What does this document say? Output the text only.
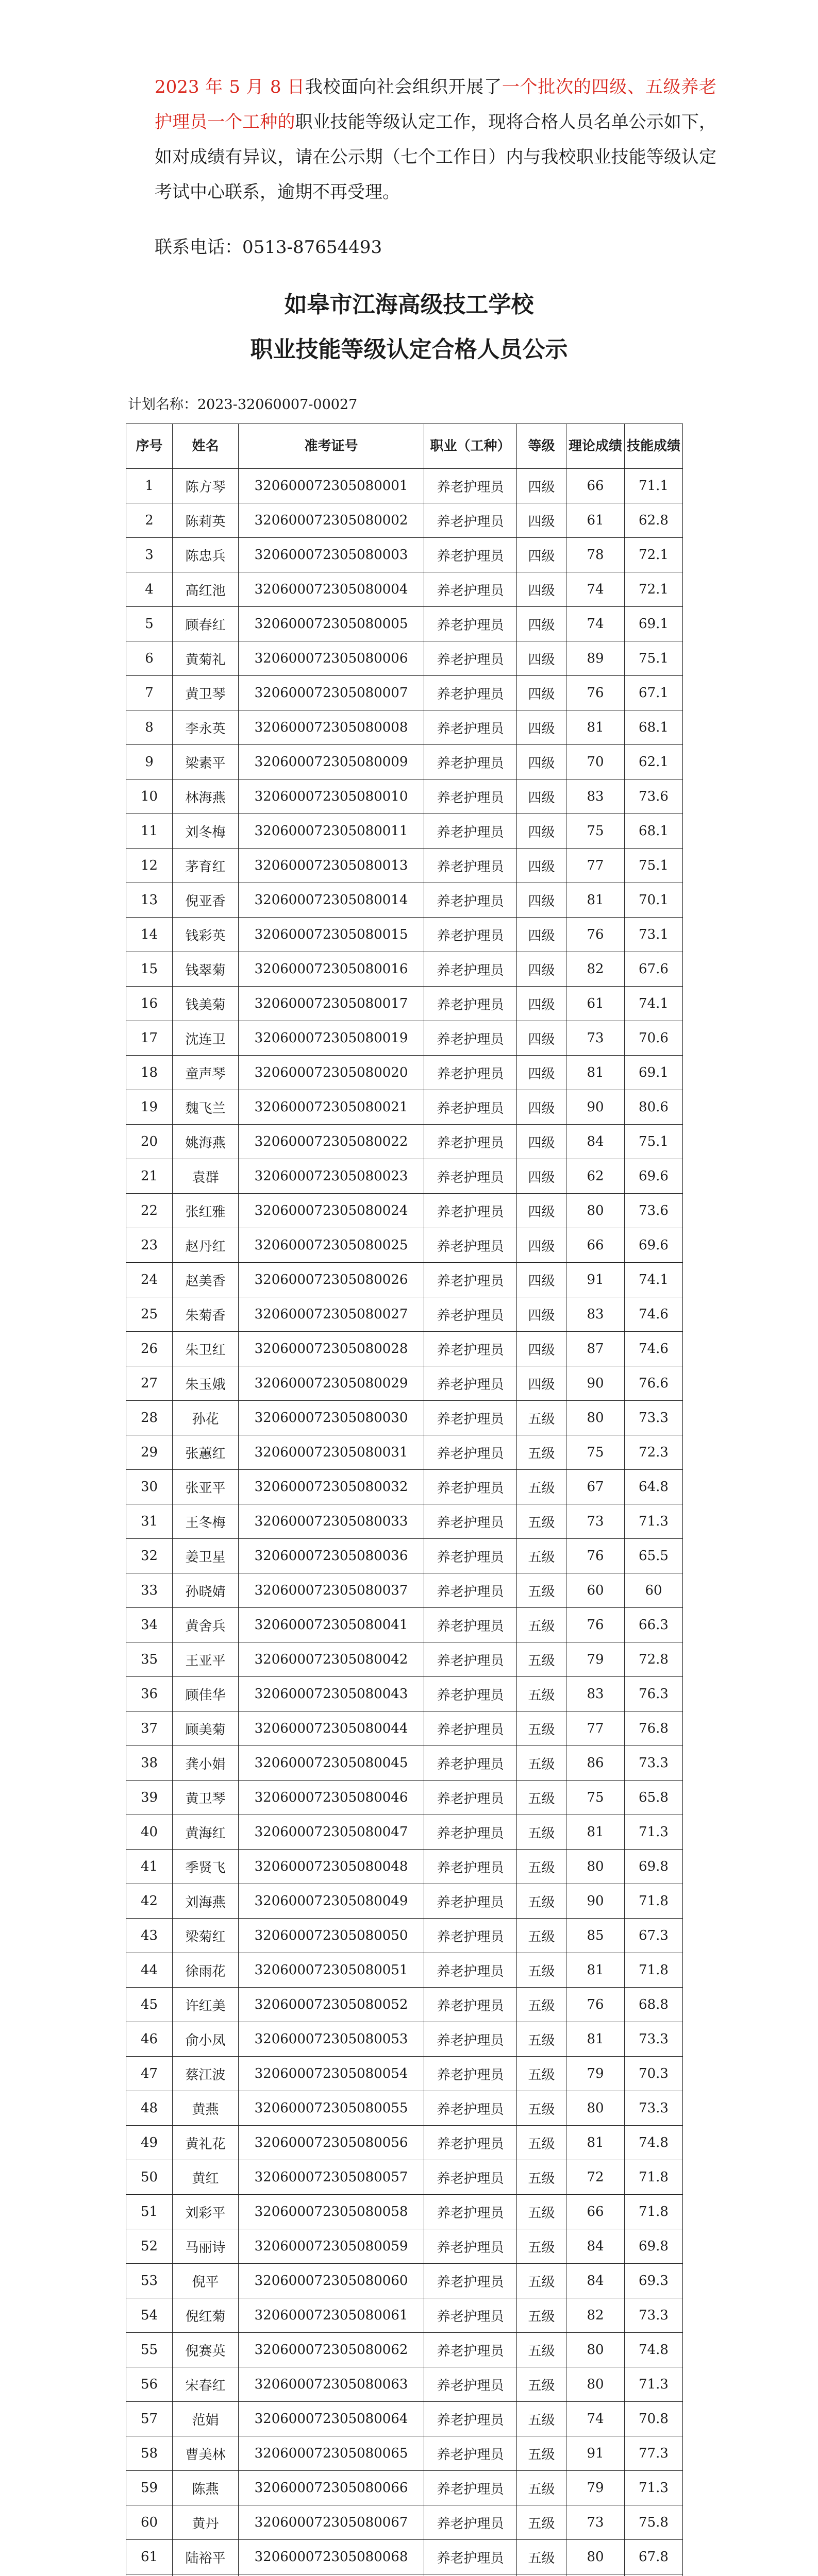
2023 年 5 月 8 日我校面向社会组织开展了一个批次的四级、五级养老护理员一个工种的职业技能等级认定工作，现将合格人员名单公示如下，如对成绩有异议，请在公示期（七个工作日）内与我校职业技能等级认定考试中心联系，逾期不再受理。
联系电话：0513-87654493
如皋市江海高级技工学校
职业技能等级认定合格人员公示
计划名称：2023-32060007-00027
序号	姓名	准考证号	职业（工种）	等级	理论成绩	技能成绩
1	陈方琴	320600072305080001	养老护理员	四级	66	71.1
2	陈莉英	320600072305080002	养老护理员	四级	61	62.8
3	陈忠兵	320600072305080003	养老护理员	四级	78	72.1
4	高红池	320600072305080004	养老护理员	四级	74	72.1
5	顾春红	320600072305080005	养老护理员	四级	74	69.1
6	黄菊礼	320600072305080006	养老护理员	四级	89	75.1
7	黄卫琴	320600072305080007	养老护理员	四级	76	67.1
8	李永英	320600072305080008	养老护理员	四级	81	68.1
9	梁素平	320600072305080009	养老护理员	四级	70	62.1
10	林海燕	320600072305080010	养老护理员	四级	83	73.6
11	刘冬梅	320600072305080011	养老护理员	四级	75	68.1
12	茅育红	320600072305080013	养老护理员	四级	77	75.1
13	倪亚香	320600072305080014	养老护理员	四级	81	70.1
14	钱彩英	320600072305080015	养老护理员	四级	76	73.1
15	钱翠菊	320600072305080016	养老护理员	四级	82	67.6
16	钱美菊	320600072305080017	养老护理员	四级	61	74.1
17	沈连卫	320600072305080019	养老护理员	四级	73	70.6
18	童声琴	320600072305080020	养老护理员	四级	81	69.1
19	魏飞兰	320600072305080021	养老护理员	四级	90	80.6
20	姚海燕	320600072305080022	养老护理员	四级	84	75.1
21	袁群	320600072305080023	养老护理员	四级	62	69.6
22	张红雅	320600072305080024	养老护理员	四级	80	73.6
23	赵丹红	320600072305080025	养老护理员	四级	66	69.6
24	赵美香	320600072305080026	养老护理员	四级	91	74.1
25	朱菊香	320600072305080027	养老护理员	四级	83	74.6
26	朱卫红	320600072305080028	养老护理员	四级	87	74.6
27	朱玉娥	320600072305080029	养老护理员	四级	90	76.6
28	孙花	320600072305080030	养老护理员	五级	80	73.3
29	张蕙红	320600072305080031	养老护理员	五级	75	72.3
30	张亚平	320600072305080032	养老护理员	五级	67	64.8
31	王冬梅	320600072305080033	养老护理员	五级	73	71.3
32	姜卫星	320600072305080036	养老护理员	五级	76	65.5
33	孙晓婧	320600072305080037	养老护理员	五级	60	60
34	黄舍兵	320600072305080041	养老护理员	五级	76	66.3
35	王亚平	320600072305080042	养老护理员	五级	79	72.8
36	顾佳华	320600072305080043	养老护理员	五级	83	76.3
37	顾美菊	320600072305080044	养老护理员	五级	77	76.8
38	龚小娟	320600072305080045	养老护理员	五级	86	73.3
39	黄卫琴	320600072305080046	养老护理员	五级	75	65.8
40	黄海红	320600072305080047	养老护理员	五级	81	71.3
41	季贤飞	320600072305080048	养老护理员	五级	80	69.8
42	刘海燕	320600072305080049	养老护理员	五级	90	71.8
43	梁菊红	320600072305080050	养老护理员	五级	85	67.3
44	徐雨花	320600072305080051	养老护理员	五级	81	71.8
45	许红美	320600072305080052	养老护理员	五级	76	68.8
46	俞小凤	320600072305080053	养老护理员	五级	81	73.3
47	蔡江波	320600072305080054	养老护理员	五级	79	70.3
48	黄燕	320600072305080055	养老护理员	五级	80	73.3
49	黄礼花	320600072305080056	养老护理员	五级	81	74.8
50	黄红	320600072305080057	养老护理员	五级	72	71.8
51	刘彩平	320600072305080058	养老护理员	五级	66	71.8
52	马丽诗	320600072305080059	养老护理员	五级	84	69.8
53	倪平	320600072305080060	养老护理员	五级	84	69.3
54	倪红菊	320600072305080061	养老护理员	五级	82	73.3
55	倪赛英	320600072305080062	养老护理员	五级	80	74.8
56	宋春红	320600072305080063	养老护理员	五级	80	71.3
57	范娟	320600072305080064	养老护理员	五级	74	70.8
58	曹美林	320600072305080065	养老护理员	五级	91	77.3
59	陈燕	320600072305080066	养老护理员	五级	79	71.3
60	黄丹	320600072305080067	养老护理员	五级	73	75.8
61	陆裕平	320600072305080068	养老护理员	五级	80	67.8
